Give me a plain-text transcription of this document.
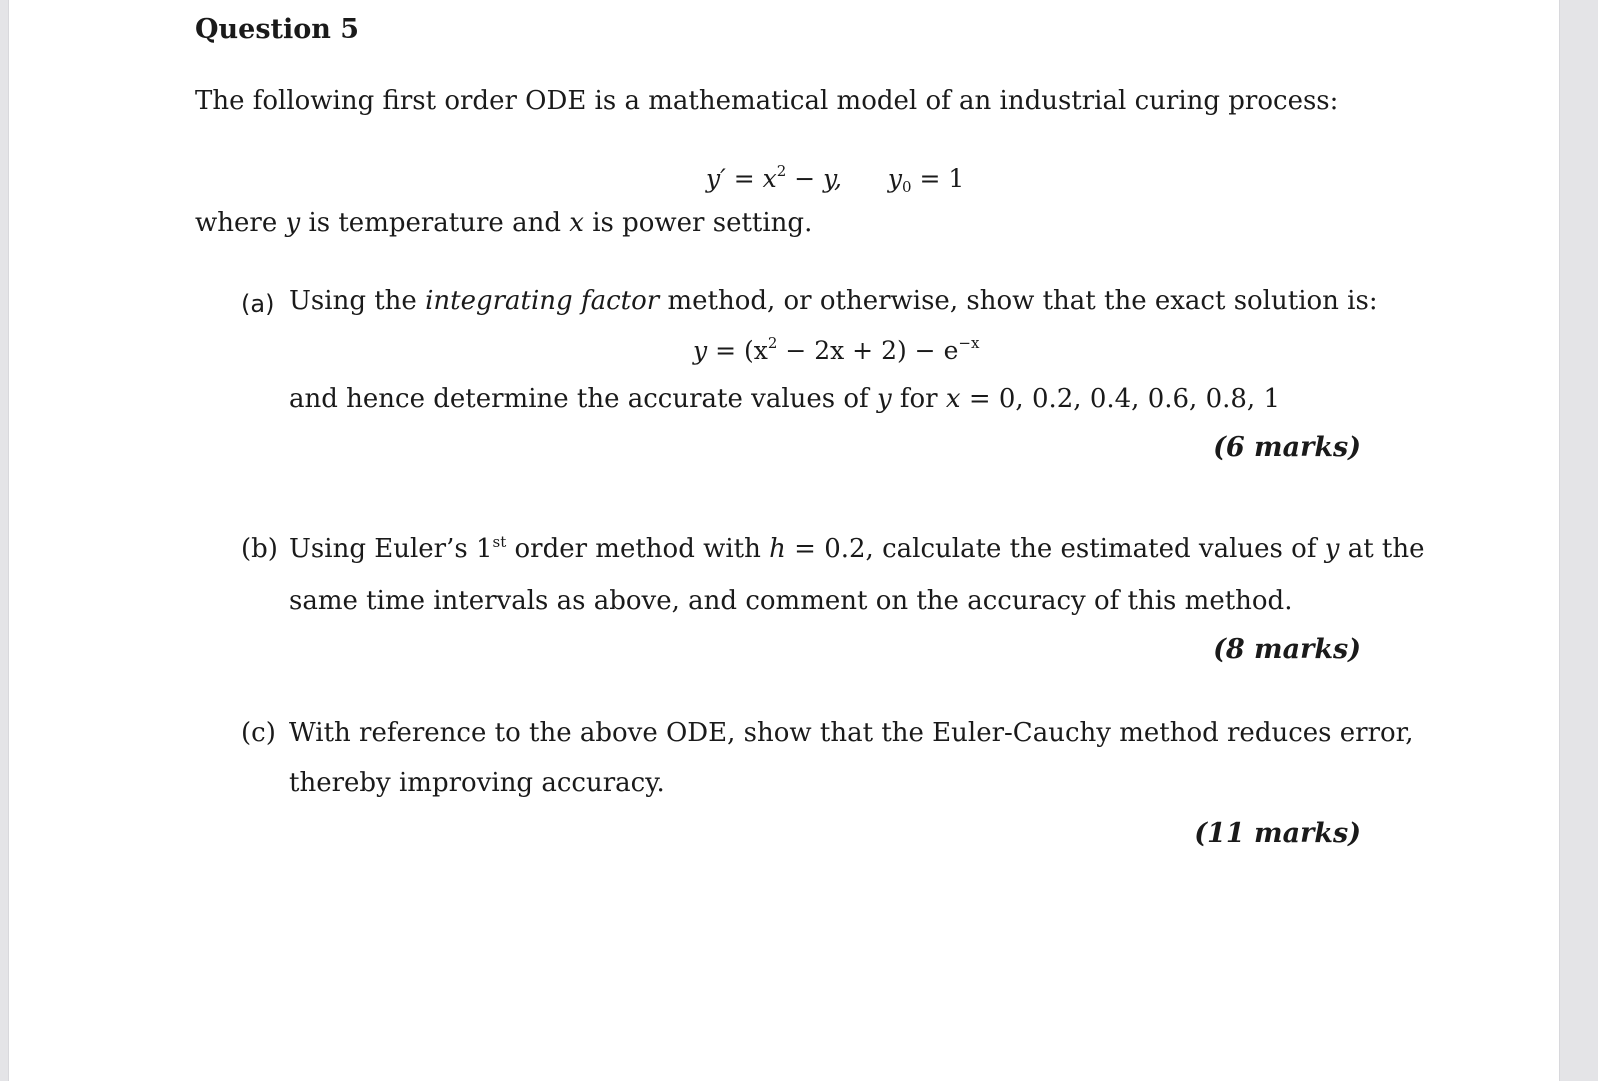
Question 5
The following first order ODE is a mathematical model of an industrial curing process:
$y' = x^2 - y$, $y_0 = 1$
where y is temperature and x is power setting.
(a) Using the integrating factor method, or otherwise, show that the exact solution is:
$y = (x^2 - 2x + 2) - e^{-x}$
and hence determine the accurate values of y for x = 0, 0.2, 0.4, 0.6, 0.8, 1
(6 marks)
(b) Using Euler’s 1st order method with h = 0.2, calculate the estimated values of y at the
same time intervals as above, and comment on the accuracy of this method.
(8 marks)
(c) With reference to the above ODE, show that the Euler-Cauchy method reduces error,
thereby improving accuracy.
(11 marks)
